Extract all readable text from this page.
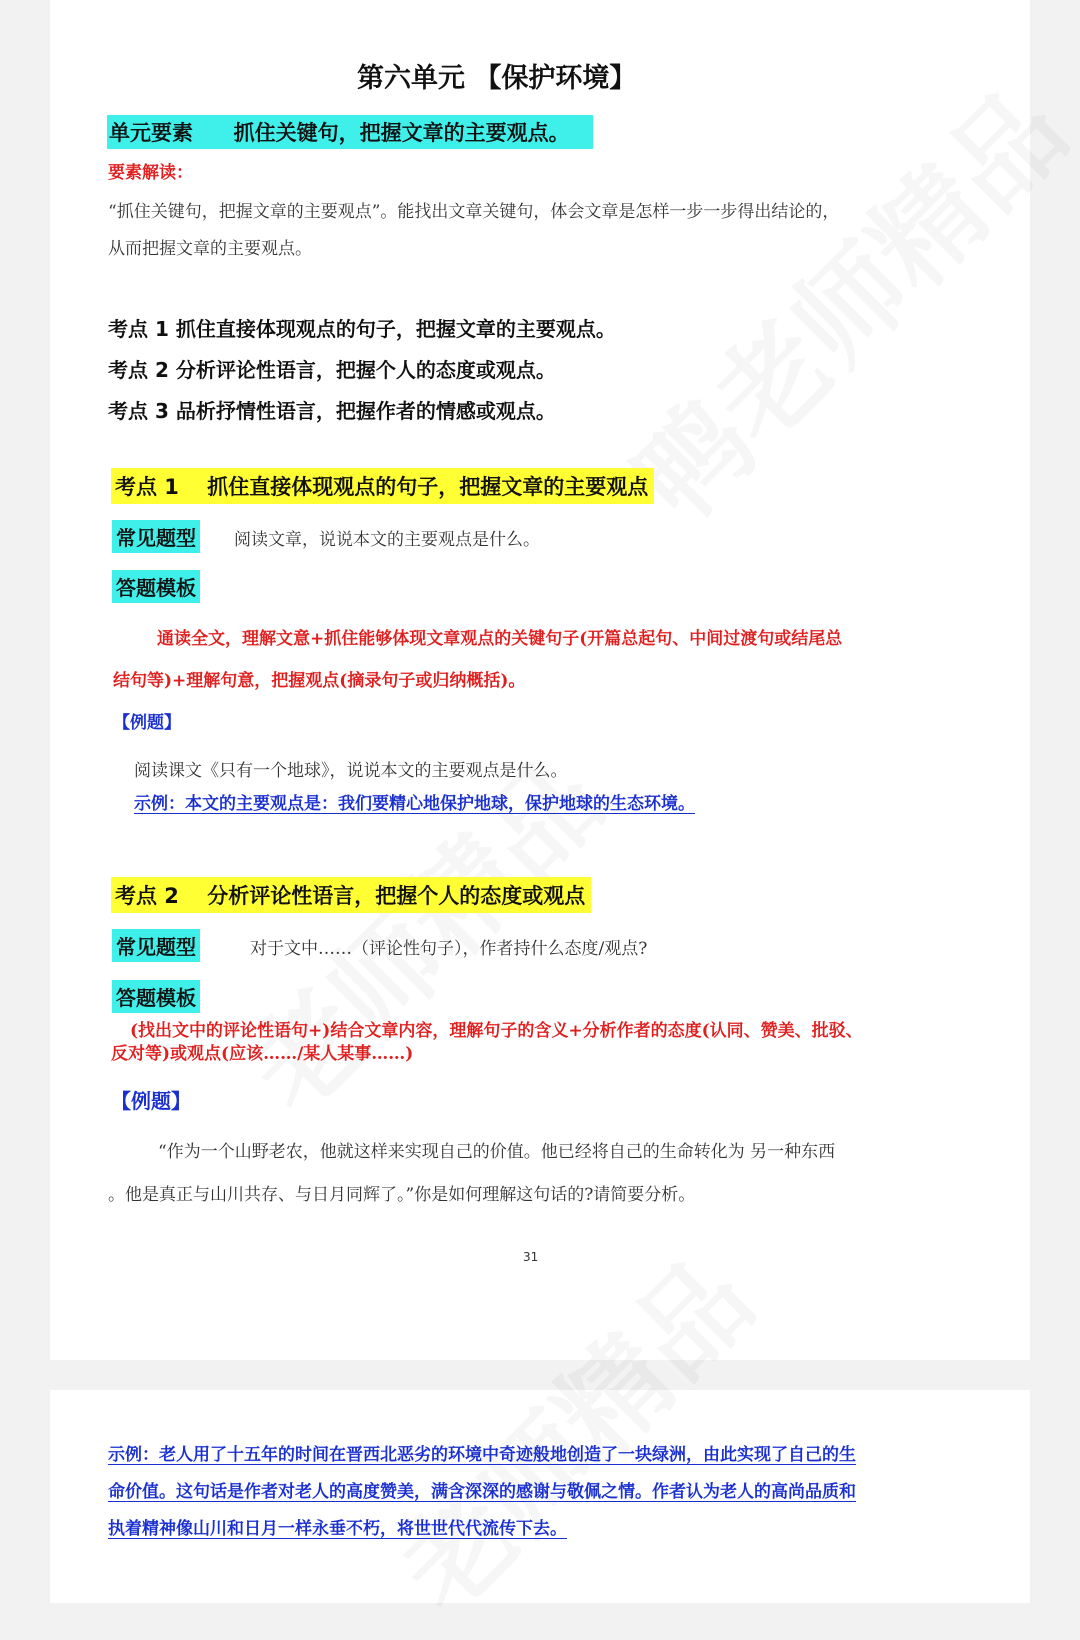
第六单元 【保护环境】
单元要素 抓住关键句，把握文章的主要观点。
要素解读：
“抓住关键句，把握文章的主要观点”。能找出文章关键句，体会文章是怎样一步一步得出结论的，
从而把握文章的主要观点。
考点 1 抓住直接体现观点的句子，把握文章的主要观点。
考点 2 分析评论性语言，把握个人的态度或观点。
考点 3 品析抒情性语言，把握作者的情感或观点。
考点 1　 抓住直接体现观点的句子，把握文章的主要观点
常见题型 阅读文章，说说本文的主要观点是什么。
答题模板
通读全文，理解文意+抓住能够体现文章观点的关键句子(开篇总起句、中间过渡句或结尾总
结句等)+理解句意，把握观点(摘录句子或归纳概括)。
【例题】
阅读课文《只有一个地球》，说说本文的主要观点是什么。
示例：本文的主要观点是：我们要精心地保护地球，保护地球的生态环境。
考点 2　 分析评论性语言，把握个人的态度或观点
常见题型	对于文中……（评论性句子），作者持什么态度/观点?
答题模板
(找出文中的评论性语句+)结合文章内容，理解句子的含义+分析作者的态度(认同、赞美、批驳、
反对等)或观点(应该……/某人某事……)
【例题】
“作为一个山野老农，他就这样来实现自己的价值。他已经将自己的生命转化为 另一种东西
。他是真正与山川共存、与日月同辉了。”你是如何理解这句话的?请简要分析。
31
示例：老人用了十五年的时间在晋西北恶劣的环境中奇迹般地创造了一块绿洲，由此实现了自己的生
命价值。这句话是作者对老人的高度赞美，满含深深的感谢与敬佩之情。作者认为老人的高尚品质和
执着精神像山川和日月一样永垂不朽，将世世代代流传下去。
